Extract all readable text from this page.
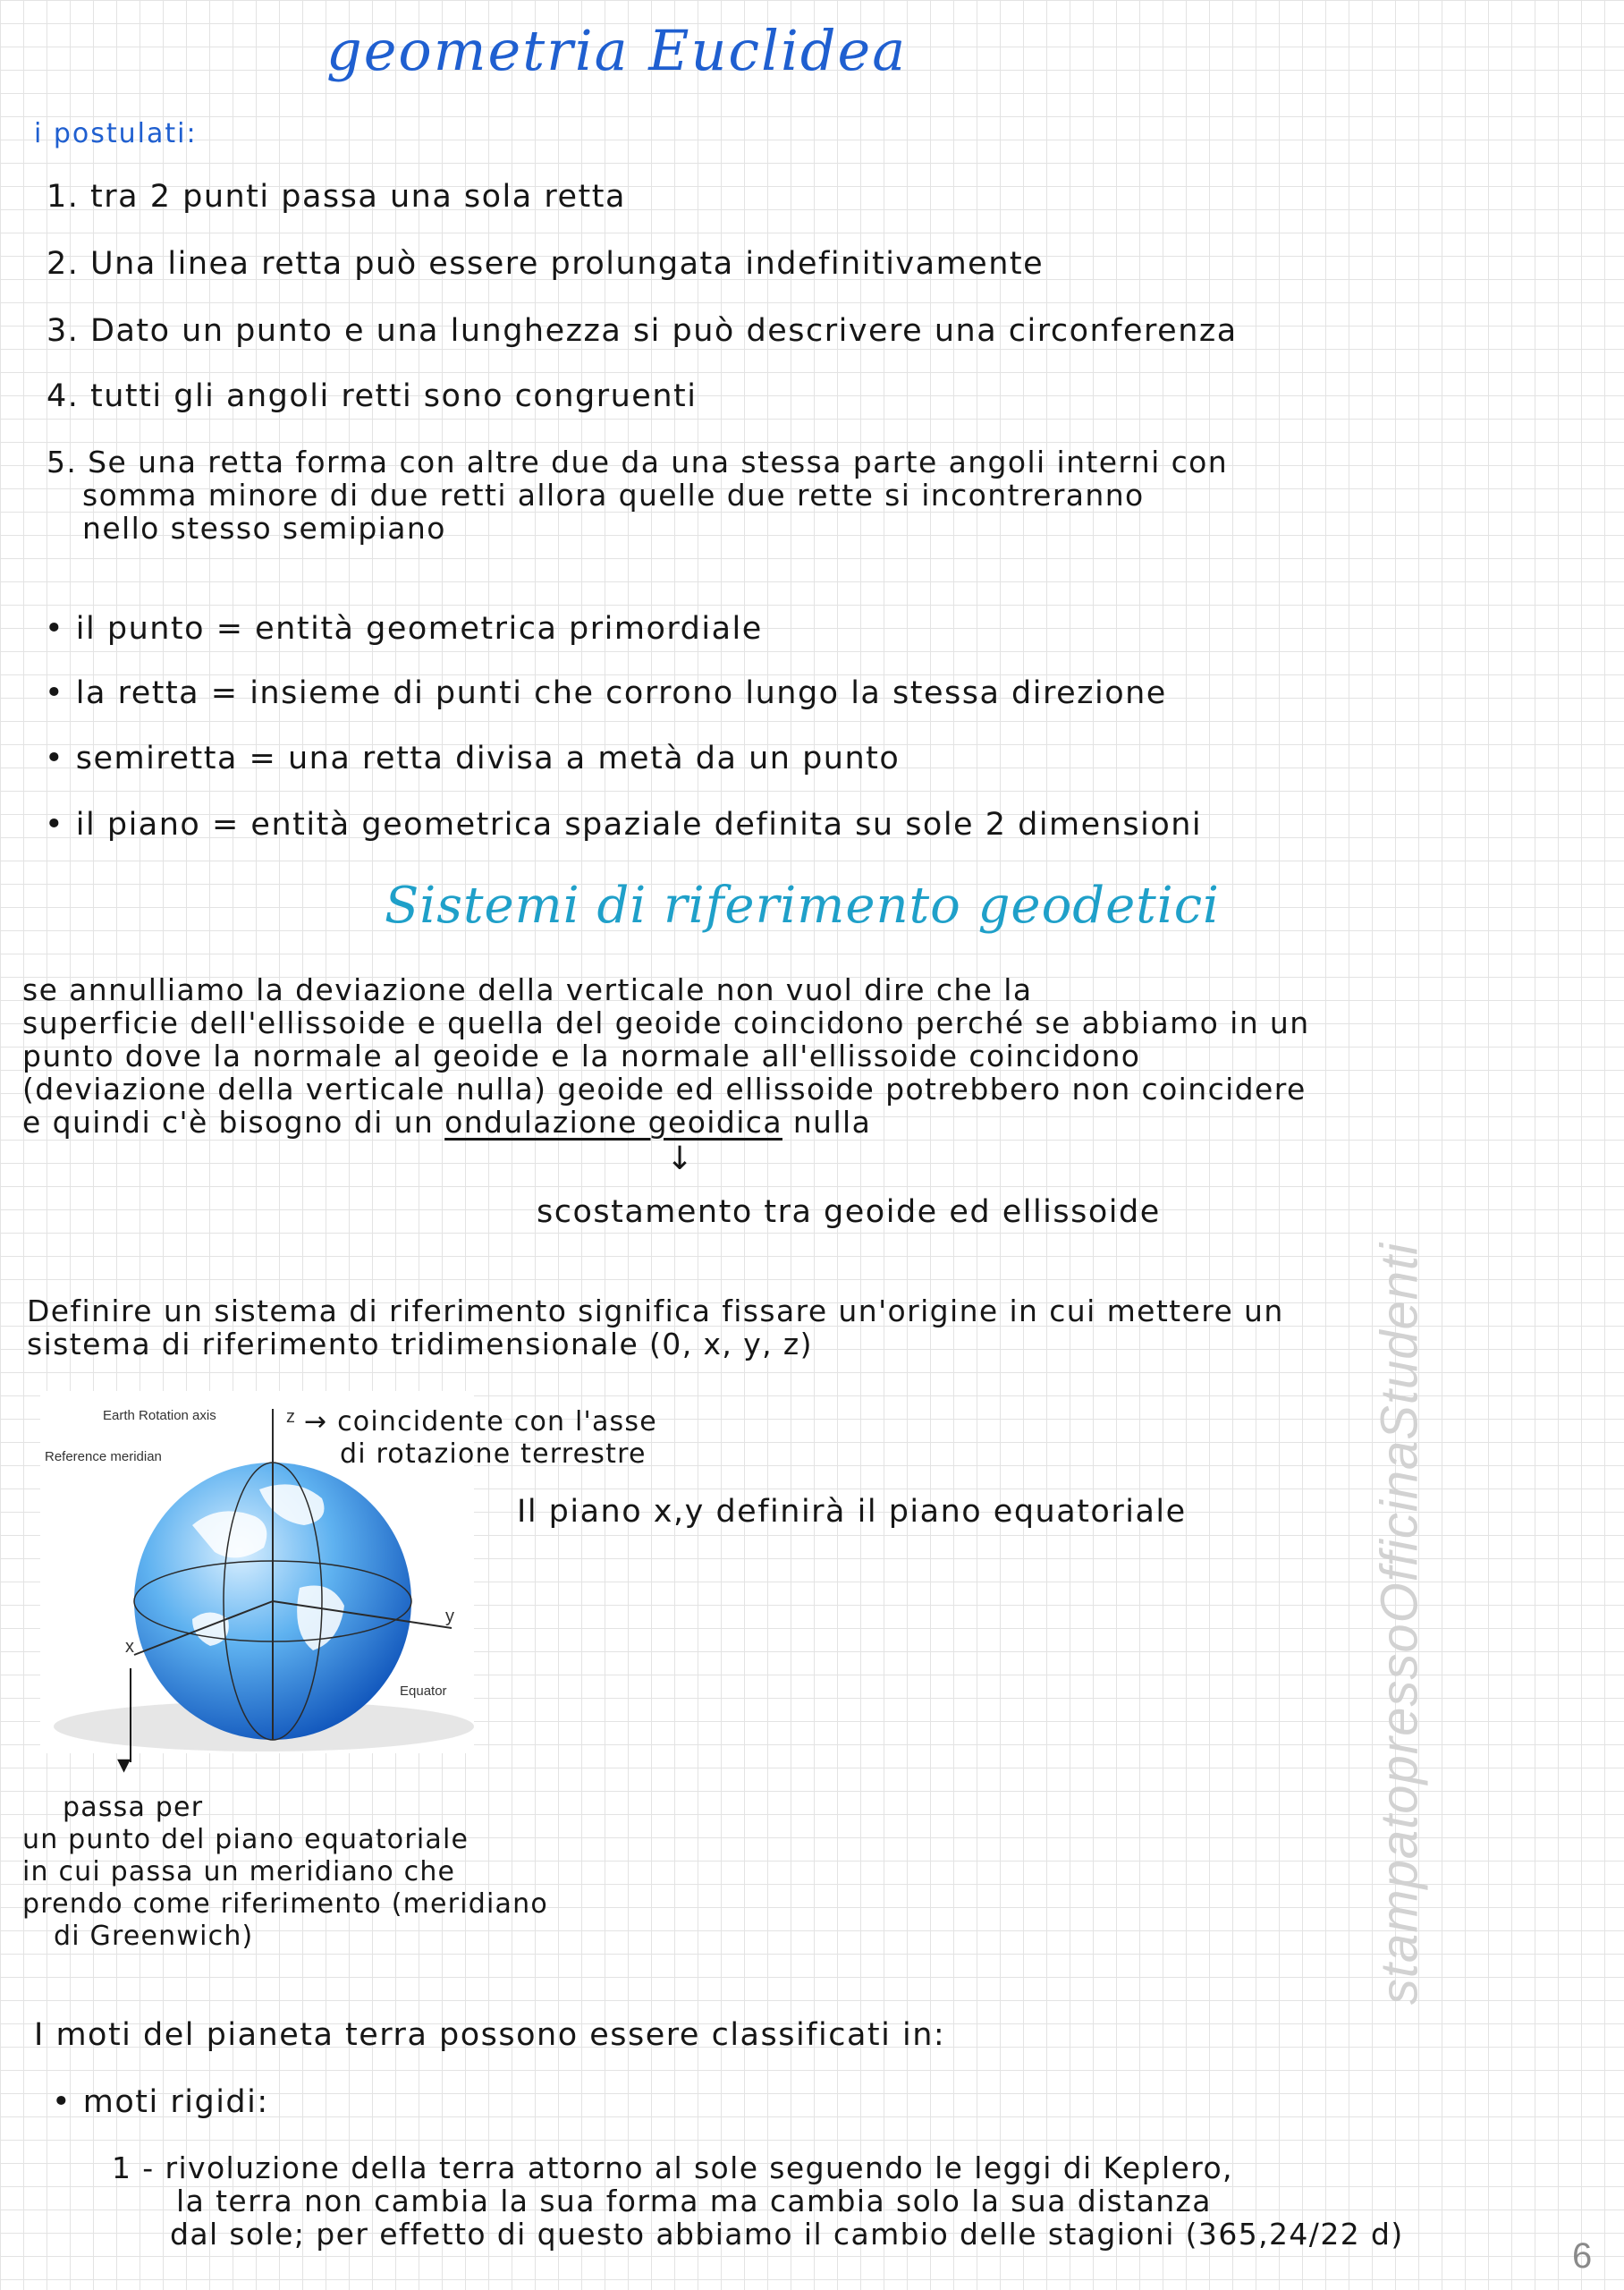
geometria Euclidea
i postulati:
1. tra 2 punti passa una sola retta
2. Una linea retta può essere prolungata indefinitivamente
3. Dato un punto e una lunghezza si può descrivere una circonferenza
4. tutti gli angoli retti sono congruenti
5. Se una retta forma con altre due da una stessa parte angoli interni con
somma minore di due retti allora quelle due rette si incontreranno
nello stesso semipiano
• il punto = entità geometrica primordiale
• la retta = insieme di punti che corrono lungo la stessa direzione
• semiretta = una retta divisa a metà da un punto
• il piano = entità geometrica spaziale definita su sole 2 dimensioni
Sistemi di riferimento geodetici
se annulliamo la deviazione della verticale non vuol dire che la
superficie dell'ellissoide e quella del geoide coincidono perché se abbiamo in un
punto dove la normale al geoide e la normale all'ellissoide coincidono
(deviazione della verticale nulla) geoide ed ellissoide potrebbero non coincidere
e quindi c'è bisogno di un ondulazione geoidica nulla
↓
scostamento tra geoide ed ellissoide
Definire un sistema di riferimento significa fissare un'origine in cui mettere un
sistema di riferimento tridimensionale (0, x, y, z)
Earth Rotation axis
Reference meridian
Equator
z
y
x
→ coincidente con l'asse
di rotazione terrestre
Il piano x,y definirà il piano equatoriale
▾
passa per
un punto del piano equatoriale
in cui passa un meridiano che
prendo come riferimento (meridiano
di Greenwich)
I moti del pianeta terra possono essere classificati in:
• moti rigidi:
1 - rivoluzione della terra attorno al sole seguendo le leggi di Keplero,
la terra non cambia la sua forma ma cambia solo la sua distanza
dal sole; per effetto di questo abbiamo il cambio delle stagioni (365,24/22 d)
stampatopressoOfficinaStudenti
6
